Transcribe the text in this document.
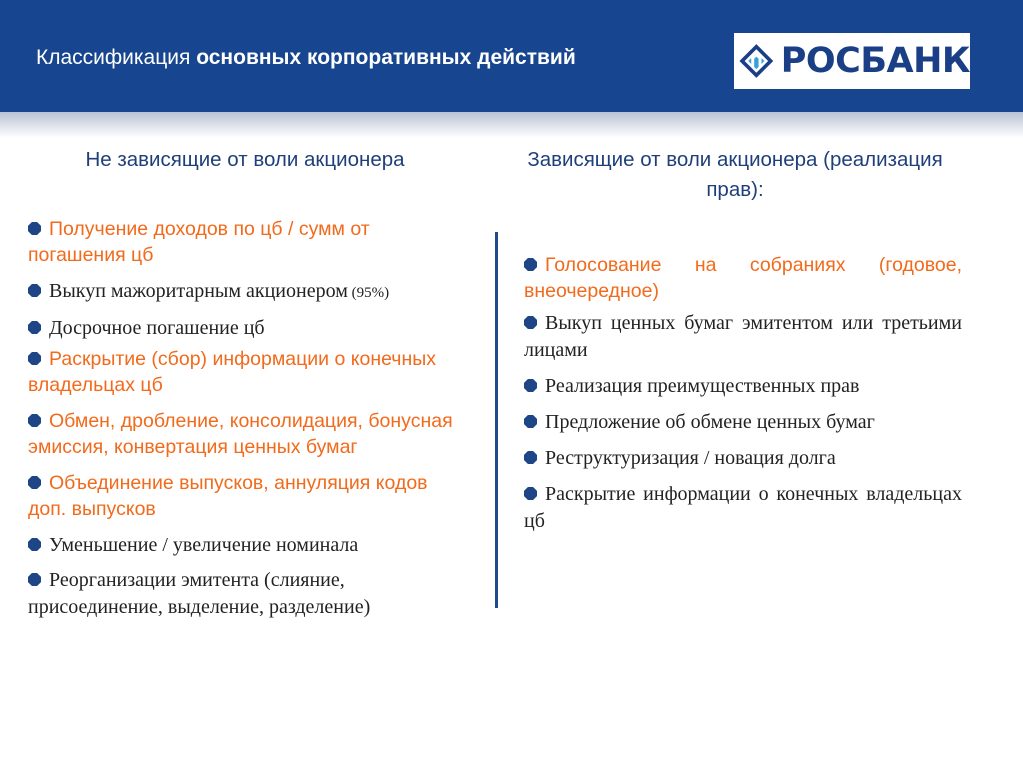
Классификация основных корпоративных действий	РОСБАНК
Не зависящие от воли акционера	Зависящие от воли акционера (реализация прав):

Получение доходов по цб / сумм от погашения цб

Выкуп мажоритарным акционером (95%)

Досрочное погашение цб

Раскрытие (сбор) информации о конечных владельцах цб

Обмен, дробление, консолидация, бонусная эмиссия, конвертация ценных бумаг

Объединение выпусков, аннуляция кодов доп. выпусков

Уменьшение / увеличение номинала

Реорганизации эмитента (слияние, присоединение, выделение, разделение)

Голосование на собраниях (годовое, внеочередное)

Выкуп ценных бумаг эмитентом или третьими лицами

Реализация преимущественных прав

Предложение об обмене ценных бумаг

Реструктуризация / новация долга

Раскрытие информации о конечных владельцах цб
